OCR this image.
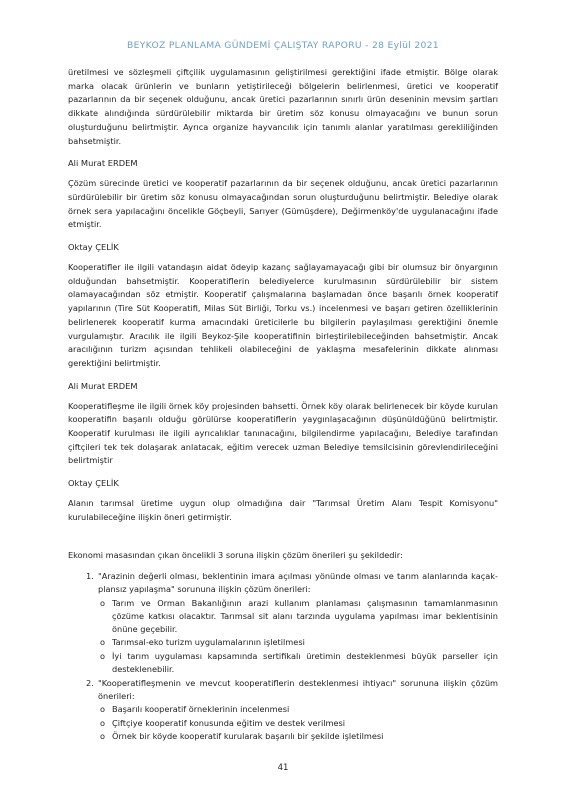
BEYKOZ PLANLAMA GÜNDEMİ ÇALIŞTAY RAPORU - 28 Eylül 2021

üretilmesi ve sözleşmeli çiftçilik uygulamasının geliştirilmesi gerektiğini ifade etmiştir. Bölge olarak marka olacak ürünlerin ve bunların yetiştirileceği bölgelerin belirlenmesi, üretici ve kooperatif pazarlarının da bir seçenek olduğunu, ancak üretici pazarlarının sınırlı ürün deseninin mevsim şartları dikkate alındığında sürdürülebilir miktarda bir üretim söz konusu olmayacağını ve bunun sorun oluşturduğunu belirtmiştir. Ayrıca organize hayvancılık için tanımlı alanlar yaratılması gerekliliğinden bahsetmiştir.

Ali Murat ERDEM

Çözüm sürecinde üretici ve kooperatif pazarlarının da bir seçenek olduğunu, ancak üretici pazarlarının sürdürülebilir bir üretim söz konusu olmayacağından sorun oluşturduğunu belirtmiştir. Belediye olarak örnek sera yapılacağını öncelikle Göçbeyli, Sarıyer (Gümüşdere), Değirmenköy'de uygulanacağını ifade etmiştir.

Oktay ÇELİK

Kooperatifler ile ilgili vatandaşın aidat ödeyip kazanç sağlayamayacağı gibi bir olumsuz bir önyargının olduğundan bahsetmiştir. Kooperatiflerin belediyelerce kurulmasının sürdürülebilir bir sistem olamayacağından söz etmiştir. Kooperatif çalışmalarına başlamadan önce başarılı örnek kooperatif yapılarının (Tire Süt Kooperatifi, Milas Süt Birliği, Torku vs.) incelenmesi ve başarı getiren özelliklerinin belirlenerek kooperatif kurma amacındaki üreticilerle bu bilgilerin paylaşılması gerektiğini önemle vurgulamıştır. Aracılık ile ilgili Beykoz-Şile kooperatifinin birleştirilebileceğinden bahsetmiştir. Ancak aracılığının turizm açısından tehlikeli olabileceğini de yaklaşma mesafelerinin dikkate alınması gerektiğini belirtmiştir.

Ali Murat ERDEM

Kooperatifleşme ile ilgili örnek köy projesinden bahsetti. Örnek köy olarak belirlenecek bir köyde kurulan kooperatifin başarılı olduğu görülürse kooperatiflerin yaygınlaşacağının düşünüldüğünü belirtmiştir. Kooperatif kurulması ile ilgili ayrıcalıklar tanınacağını, bilgilendirme yapılacağını, Belediye tarafından çiftçileri tek tek dolaşarak anlatacak, eğitim verecek uzman Belediye temsilcisinin görevlendirileceğini belirtmiştir

Oktay ÇELİK

Alanın tarımsal üretime uygun olup olmadığına dair "Tarımsal Üretim Alanı Tespit Komisyonu" kurulabileceğine ilişkin öneri getirmiştir.

Ekonomi masasından çıkan öncelikli 3 soruna ilişkin çözüm önerileri şu şekildedir:
1. "Arazinin değerli olması, beklentinin imara açılması yönünde olması ve tarım alanlarında kaçak-plansız yapılaşma" sorununa ilişkin çözüm önerileri:
o Tarım ve Orman Bakanlığının arazi kullanım planlaması çalışmasının tamamlanmasının çözüme katkısı olacaktır. Tarımsal sit alanı tarzında uygulama yapılması imar beklentisinin önüne geçebilir.
o Tarımsal-eko turizm uygulamalarının işletilmesi
o İyi tarım uygulaması kapsamında sertifikalı üretimin desteklenmesi büyük parseller için desteklenebilir.
2. "Kooperatifleşmenin ve mevcut kooperatiflerin desteklenmesi ihtiyacı" sorununa ilişkin çözüm önerileri:
o Başarılı kooperatif örneklerinin incelenmesi
o Çiftçiye kooperatif konusunda eğitim ve destek verilmesi
o Örnek bir köyde kooperatif kurularak başarılı bir şekilde işletilmesi
41
